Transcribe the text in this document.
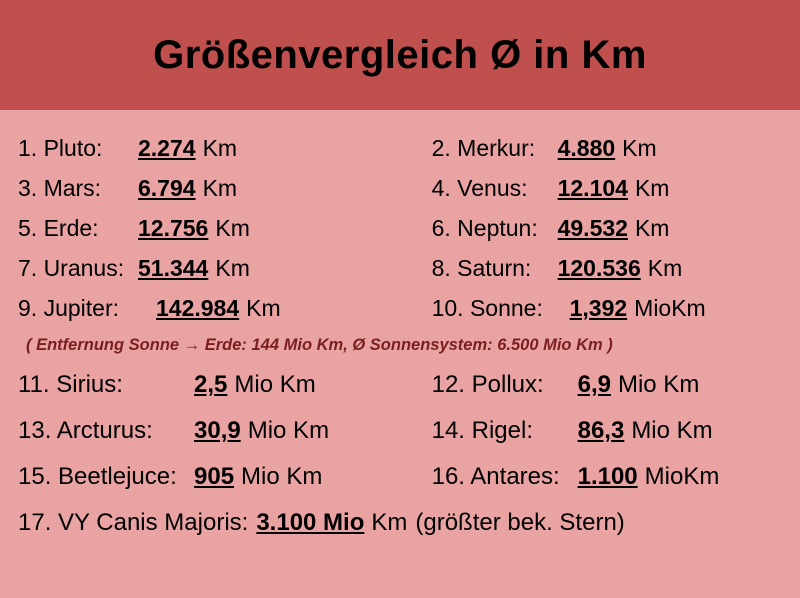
Größenvergleich Ø in Km
1. Pluto:	2.274 Km	2. Merkur: 4.880 Km
3. Mars:	6.794 Km	4. Venus:	12.104 Km
5. Erde:	12.756 Km	6. Neptun: 49.532 Km
7. Uranus: 51.344 Km	8. Saturn:	120.536 Km
9. Jupiter:	142.984 Km	10. Sonne:	1,392 MioKm
( Entfernung Sonne → Erde: 144 Mio Km, Ø Sonnensystem: 6.500 Mio Km )
11. Sirius:	2,5 Mio Km	12. Pollux:	6,9 Mio Km
13. Arcturus:	30,9 Mio Km	14. Rigel:	86,3 Mio Km
15. Beetlejuce: 905 Mio Km	16. Antares: 1.100 MioKm
17. VY Canis Majoris: 3.100 Mio Km (größter bek. Stern)
